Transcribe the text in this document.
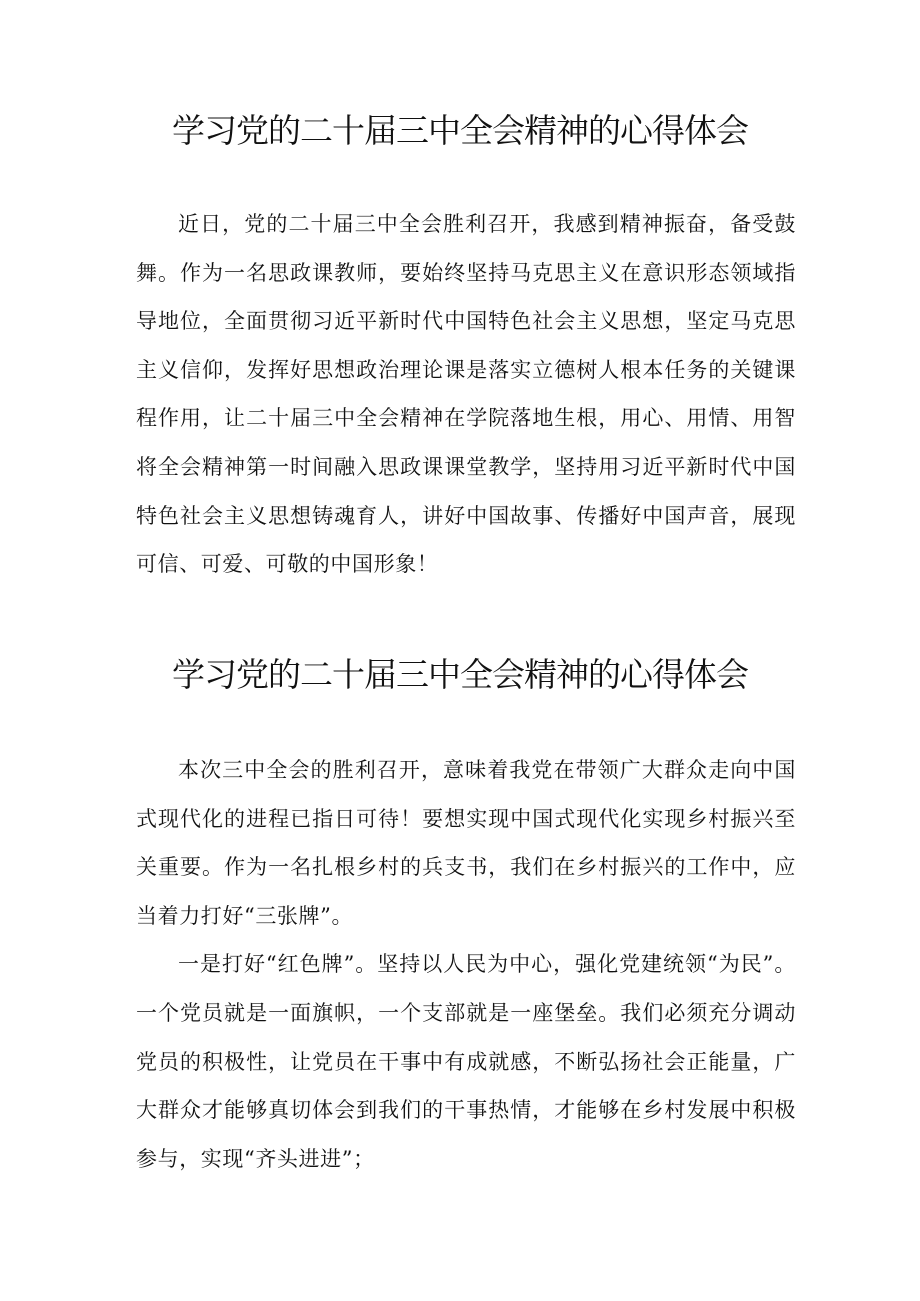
学习党的二十届三中全会精神的心得体会

近日，党的二十届三中全会胜利召开，我感到精神振奋，备受鼓舞。作为一名思政课教师，要始终坚持马克思主义在意识形态领域指导地位，全面贯彻习近平新时代中国特色社会主义思想，坚定马克思主义信仰，发挥好思想政治理论课是落实立德树人根本任务的关键课程作用，让二十届三中全会精神在学院落地生根，用心、用情、用智将全会精神第一时间融入思政课课堂教学，坚持用习近平新时代中国特色社会主义思想铸魂育人，讲好中国故事、传播好中国声音，展现可信、可爱、可敬的中国形象！

学习党的二十届三中全会精神的心得体会

本次三中全会的胜利召开，意味着我党在带领广大群众走向中国式现代化的进程已指日可待！要想实现中国式现代化实现乡村振兴至关重要。作为一名扎根乡村的兵支书，我们在乡村振兴的工作中，应当着力打好“三张牌”。

一是打好“红色牌”。坚持以人民为中心，强化党建统领“为民”。一个党员就是一面旗帜，一个支部就是一座堡垒。我们必须充分调动党员的积极性，让党员在干事中有成就感，不断弘扬社会正能量，广大群众才能够真切体会到我们的干事热情，才能够在乡村发展中积极参与，实现“齐头进进”；
